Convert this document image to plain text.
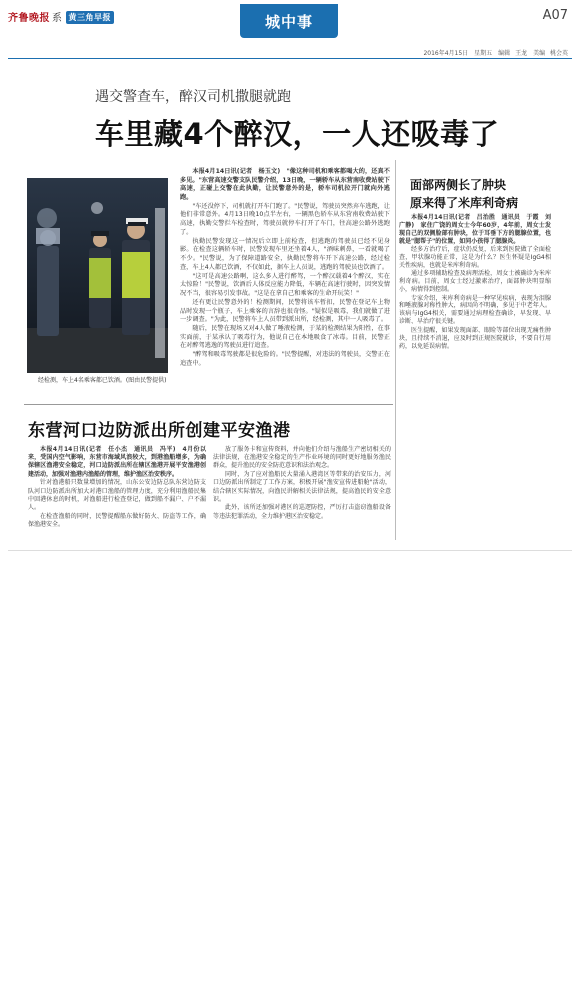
齐鲁晚报 系 黄三角早报	城中事	A07
2016年4月15日　星期五　编辑 王龙　美编 桃会英
遇交警查车，醉汉司机撒腿就跑
车里藏4个醉汉，一人还吸毒了
经检测，车上4名乘客都已饮酒。(图由民警提供)

本报4月14日讯(记者　杨玉文)　"像这种司机和乘客都喝大的，还真不多见。"东营高速交警支队民警介绍，13日晚，一辆轿车从东营南收费站驶下高速，正碰上交警在此执勤，让民警意外的是，轿车司机拉开门就向外逃跑。

"车还没停下，司机就打开车门跑了。"民警说，驾驶员突然弃车逃跑，让他们非常意外。4月13日晚10点半左右，一辆黑色轿车从东营南收费站驶下高速，执勤交警拦车检查时，驾驶员就停车打开了车门，往高速公路外逃跑了。

执勤民警发现这一情况后立即上前检查，但逃跑的驾驶员已经不见身影。在检查这辆轿车时，民警发现车里还坐着4人，"酒味刺鼻，一看就喝了不少。"民警说，为了保障道路安全，执勤民警将车开下高速公路，经过检查，车上4人都已饮酒，不仅如此，据车上人员说，逃跑的驾驶员也饮酒了。

"这可是高速公路啊，这么多人进行醉驾，一个醉汉载着4个醉汉，实在太惊险！"民警说，饮酒后人体反应能力降低，车辆在高速行驶时，因突发情况不当，很容易引发事故。"这是在拿自己和乘客的生命开玩笑！"

还有更让民警意外的！检测期间，民警将该车暂扣，民警在登记车上物品时发现一个瓶子，车上乘客的言辞也很奇怪。"疑似是吸毒，我们就做了进一步调查。"为此，民警将车上人员带到派出所，经检测，其中一人吸毒了。

随后，民警在现场又对4人做了唾液检测，于某的检测结果为阳性，在事实面前，于某承认了吸毒行为，他说自己在本地吸食了冰毒。目前，民警正在对醉驾逃逸的驾驶员进行追查。

"醉驾和吸毒驾驶都是很危险的。"民警提醒，对违法的驾驶员，交警正在追查中。

面部两侧长了肿块
原来得了米库利奇病

本报4月14日讯(记者　吕治胜　通讯员　于霞　刘广静)　家住广饶的周女士今年60岁，4年前，周女士发现自己的双侧脸部有肿块，位于耳垂下方的腮腺位置，也就是"腮帮子"的位置，如同小孩得了腮腺炎。

经多方治疗后，症状仍反复，后来到医院做了全面检查，甲状腺功能正常，这是为什么？医生怀疑是IgG4相关性疾病，也就是米库利奇病。

通过多项辅助检查及病理活检，周女士被确诊为米库利奇病。目前，周女士经过激素治疗，面部肿块明显缩小，病情得到控制。

专家介绍，米库利奇病是一种罕见疾病，表现为泪腺和唾液腺对称性肿大，病因尚不明确，多见于中老年人。该病与IgG4相关，需要通过病理检查确诊，早发现、早诊断、早治疗很关键。

医生提醒，如果发现面部、眼睑等部位出现无痛性肿块，且持续不消退，应及时到正规医院就诊，不要自行用药，以免延误病情。

东营河口边防派出所创建平安渔港

本报4月14日讯(记者　任小杰　通讯员　冯平)　4月份以来，受国内空气影响，东营市海域风浪较大，到港渔船增多，为确保辖区渔港安全稳定，河口边防派出所在辖区渔港开展平安渔港创建活动，加强对渔港内渔船的管理，维护渔区治安秩序。

针对渔港船只数量增加的情况，山东公安边防总队东营边防支队河口边防派出所加大对港口渔船的管理力度，充分利用渔船民集中回港休息的时机，对渔船进行检查登记，做到船不漏户、户不漏人。

在检查渔船的同时，民警提醒船东做好防火、防盗等工作，确保渔港安全。

放了服务卡和宣传资料，并向他们介绍与渔船生产密切相关的法律法规，在渔港安全稳定的生产作业环境的同时更好地服务渔民群众，提升渔民的安全防范意识和法治观念。

同时，为了应对渔船民大量涌入港湾区等带来的治安压力，河口边防派出所制定了工作方案，积极开展"渔安宣传进船舱"活动，结合辖区实际情况，向渔民讲解相关法律法规，提高渔民的安全意识。

此外，该所还加强对港区的巡逻防控，严厉打击盗窃渔船设备等违法犯罪活动，全力维护港区治安稳定。
